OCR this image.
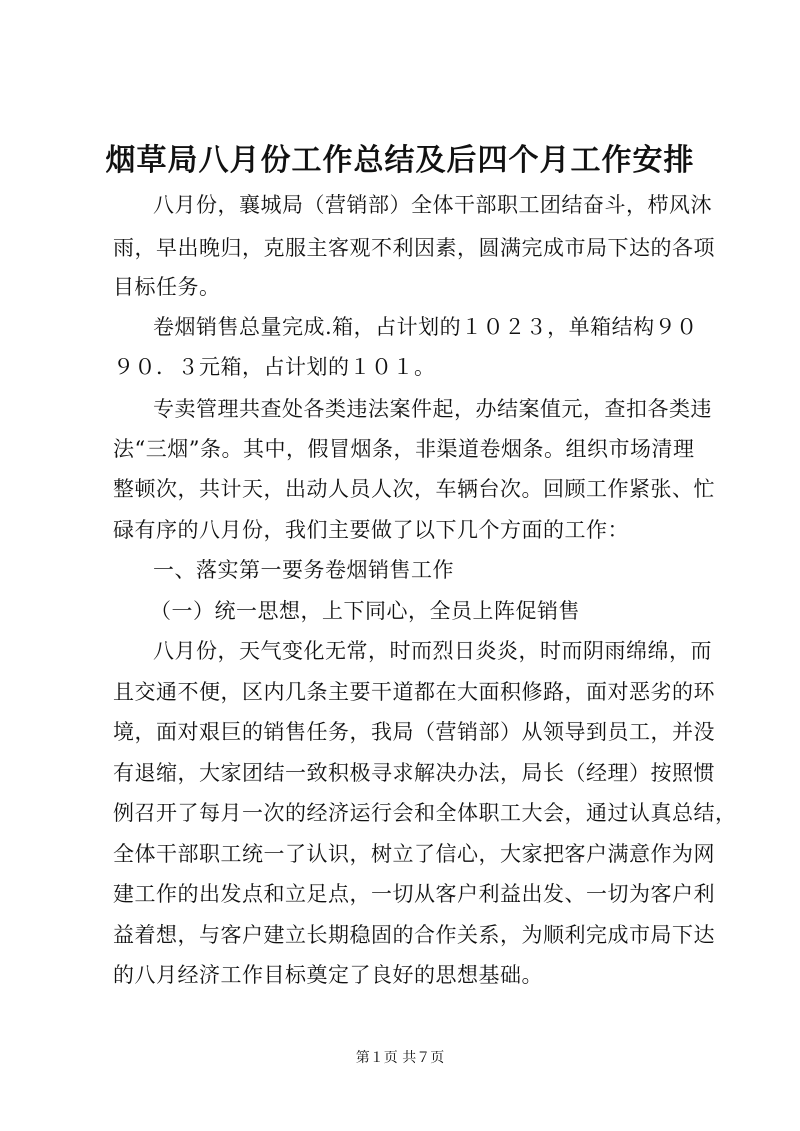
烟草局八月份工作总结及后四个月工作安排
八月份，襄城局（营销部）全体干部职工团结奋斗，栉风沐
雨，早出晚归，克服主客观不利因素，圆满完成市局下达的各项
目标任务。
卷烟销售总量完成.箱，占计划的１０２３，单箱结构９０
９０．３元箱，占计划的１０１。
专卖管理共查处各类违法案件起，办结案值元，查扣各类违
法“三烟”条。其中，假冒烟条，非渠道卷烟条。组织市场清理
整顿次，共计天，出动人员人次，车辆台次。回顾工作紧张、忙
碌有序的八月份，我们主要做了以下几个方面的工作：
一、落实第一要务卷烟销售工作
（一）统一思想，上下同心，全员上阵促销售
八月份，天气变化无常，时而烈日炎炎，时而阴雨绵绵，而
且交通不便，区内几条主要干道都在大面积修路，面对恶劣的环
境，面对艰巨的销售任务，我局（营销部）从领导到员工，并没
有退缩，大家团结一致积极寻求解决办法，局长（经理）按照惯
例召开了每月一次的经济运行会和全体职工大会，通过认真总结，
全体干部职工统一了认识，树立了信心，大家把客户满意作为网
建工作的出发点和立足点，一切从客户利益出发、一切为客户利
益着想，与客户建立长期稳固的合作关系，为顺利完成市局下达
的八月经济工作目标奠定了良好的思想基础。
第１页 共７页
